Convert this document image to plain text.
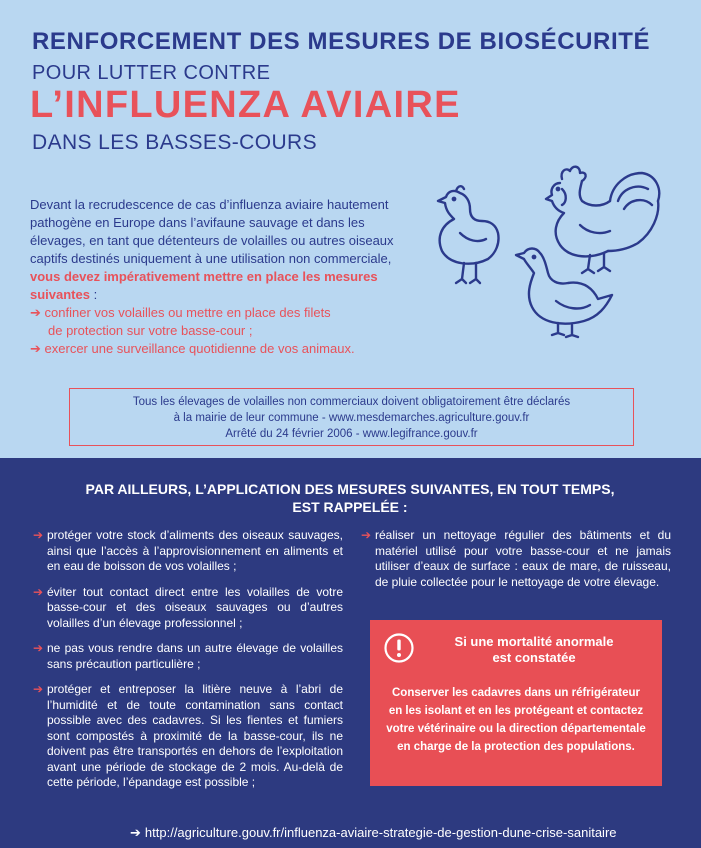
RENFORCEMENT DES MESURES DE BIOSÉCURITÉ
POUR LUTTER CONTRE
L’INFLUENZA AVIAIRE
DANS LES BASSES-COURS
Devant la recrudescence de cas d’influenza aviaire hautement pathogène en Europe dans l’avifaune sauvage et dans les élevages, en tant que détenteurs de volailles ou autres oiseaux captifs destinés uniquement à une utilisation non commerciale, vous devez impérativement mettre en place les mesures suivantes :
➔ confiner vos volailles ou mettre en place des filets
de protection sur votre basse-cour ;
➔ exercer une surveillance quotidienne de vos animaux.
Tous les élevages de volailles non commerciaux doivent obligatoirement être déclarés
à la mairie de leur commune - www.mesdemarches.agriculture.gouv.fr
Arrêté du 24 février 2006 - www.legifrance.gouv.fr
PAR AILLEURS, L’APPLICATION DES MESURES SUIVANTES, EN TOUT TEMPS,
EST RAPPELÉE :
➔ protéger votre stock d’aliments des oiseaux sauvages, ainsi que l’accès à l’approvisionnement en aliments et en eau de boisson de vos volailles ;
➔ éviter tout contact direct entre les volailles de votre basse-cour et des oiseaux sauvages ou d’autres volailles d’un élevage professionnel ;
➔ ne pas vous rendre dans un autre élevage de volailles sans précaution particulière ;
➔ protéger et entreposer la litière neuve à l’abri de l’humidité et de toute contamination sans contact possible avec des cadavres. Si les fientes et fumiers sont compostés à proximité de la basse-cour, ils ne doivent pas être transportés en dehors de l’exploitation avant une période de stockage de 2 mois. Au-delà de cette période, l’épandage est possible ;
➔ réaliser un nettoyage régulier des bâtiments et du matériel utilisé pour votre basse-cour et ne jamais utiliser d’eaux de surface : eaux de mare, de ruisseau, de pluie collectée pour le nettoyage de votre élevage.
Si une mortalité anormale
est constatée
Conserver les cadavres dans un réfrigérateur en les isolant et en les protégeant et contactez votre vétérinaire ou la direction départementale en charge de la protection des populations.
➔ http://agriculture.gouv.fr/influenza-aviaire-strategie-de-gestion-dune-crise-sanitaire
